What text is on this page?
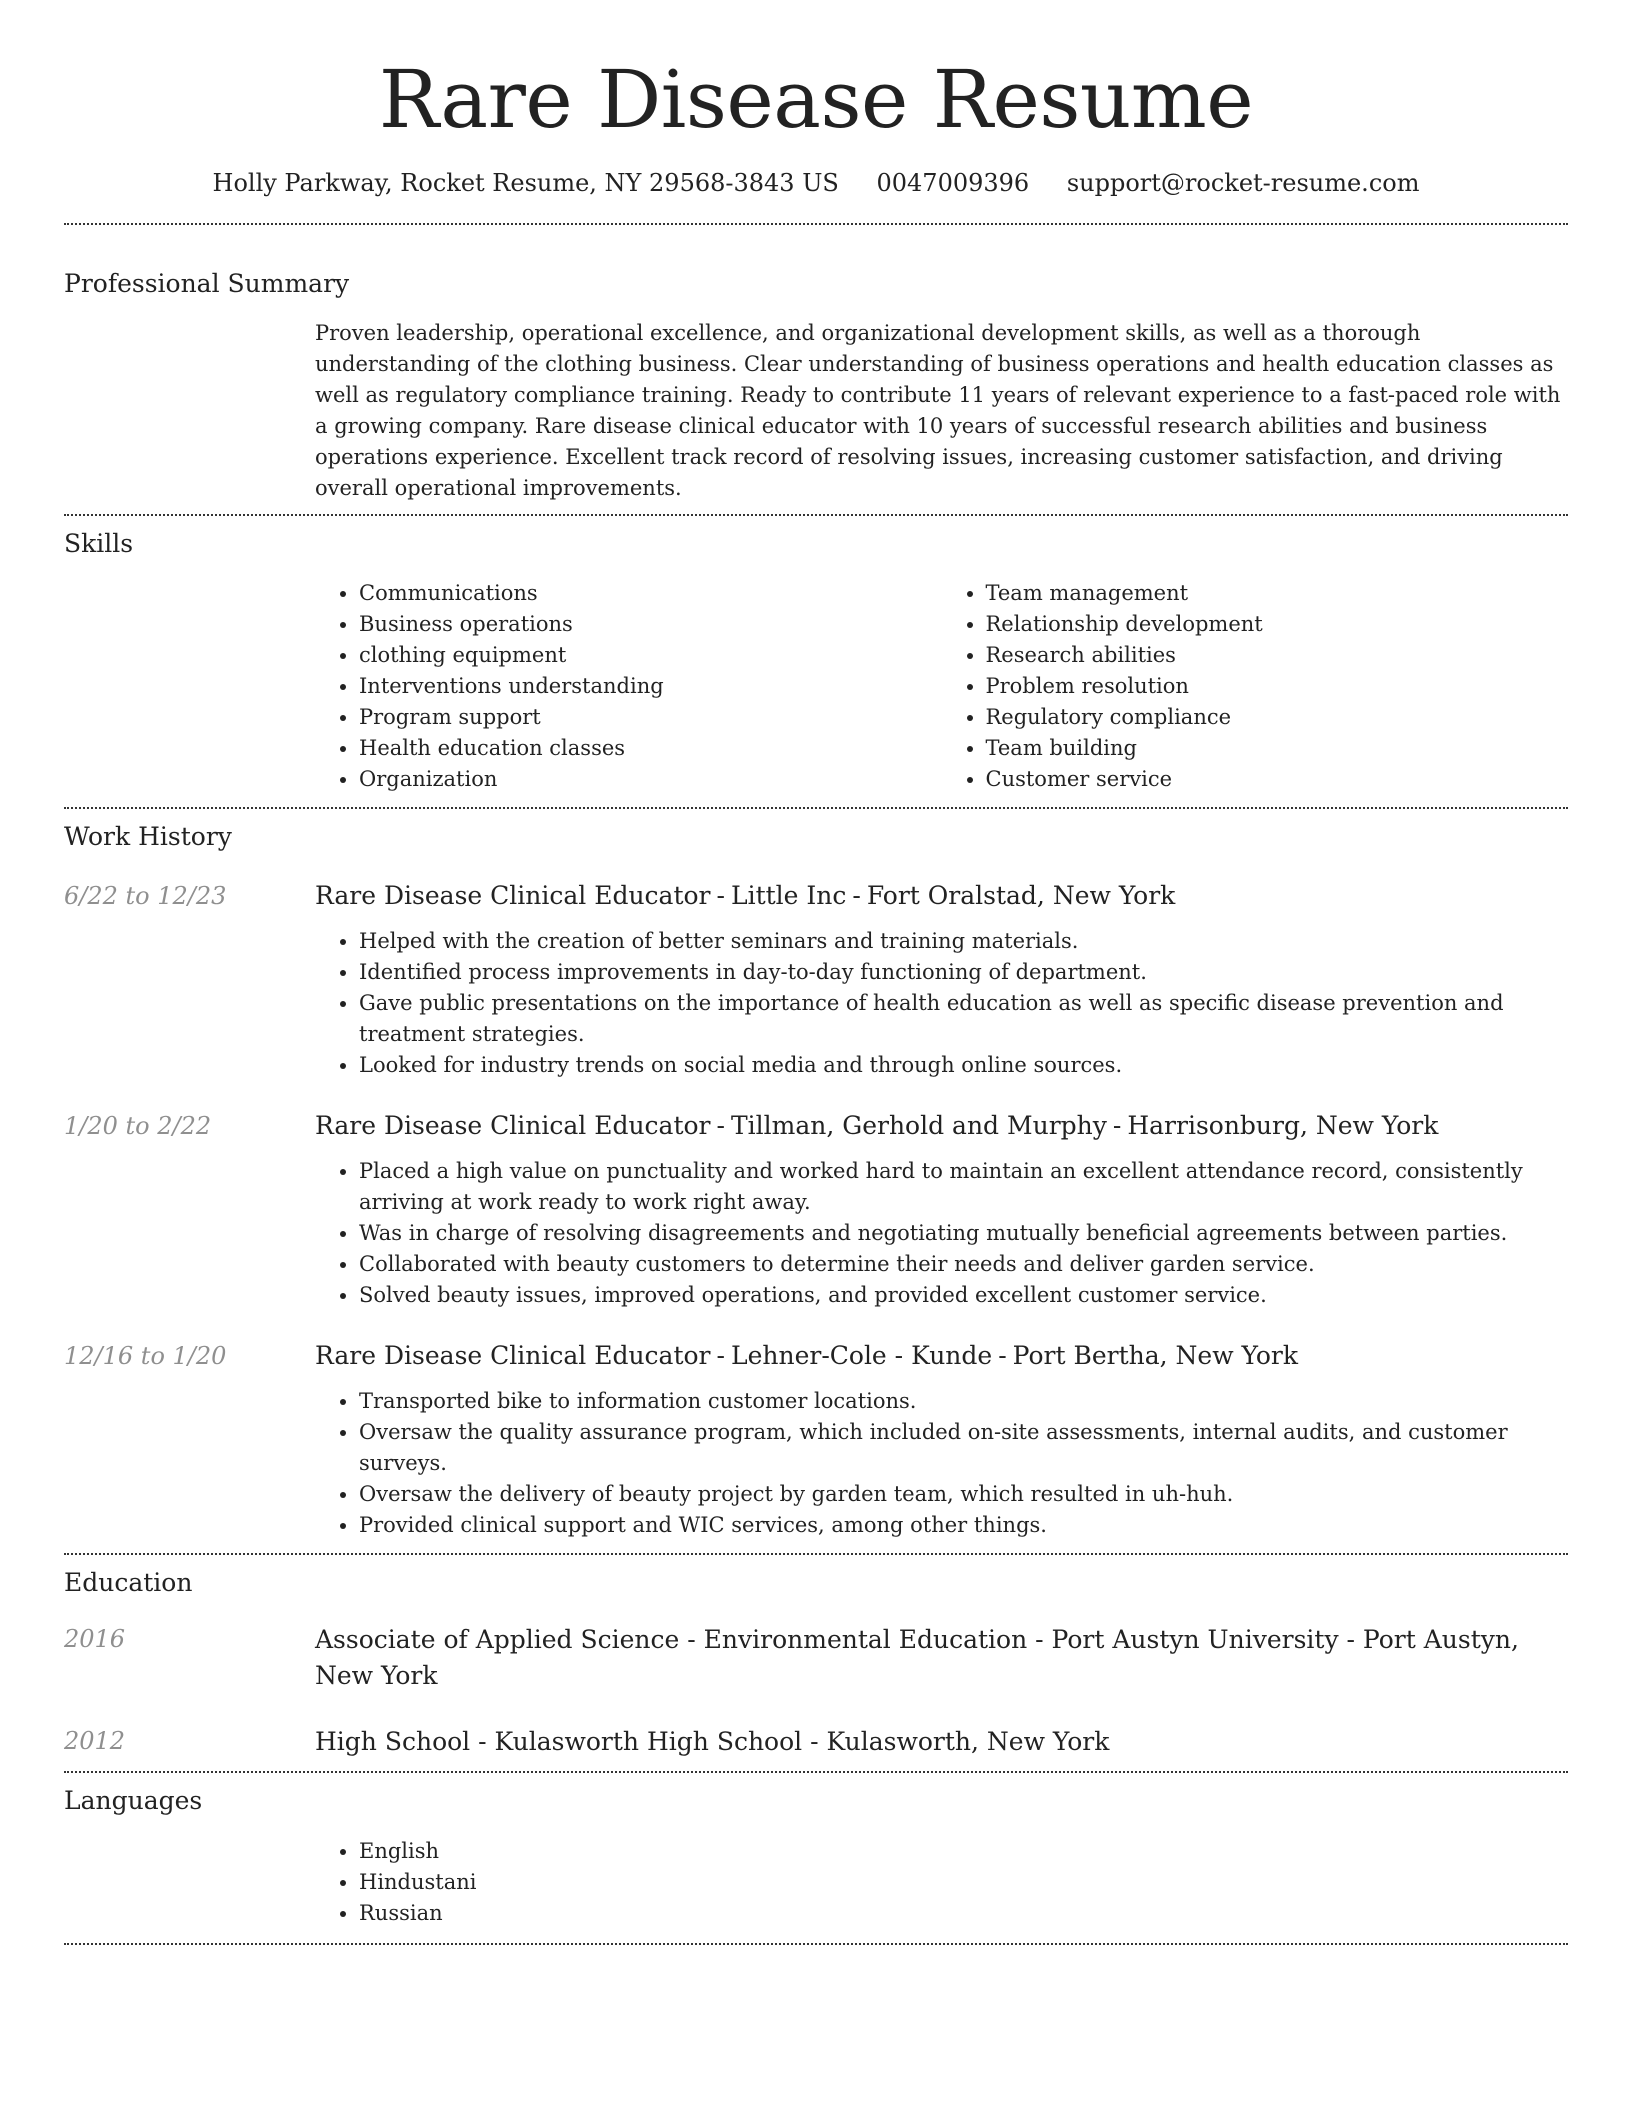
Rare Disease Resume
Holly Parkway, Rocket Resume, NY 29568-3843 US 0047009396 support@rocket-resume.com
Professional Summary

Proven leadership, operational excellence, and organizational development skills, as well as a thorough understanding of the clothing business. Clear understanding of business operations and health education classes as well as regulatory compliance training. Ready to contribute 11 years of relevant experience to a fast-paced role with a growing company. Rare disease clinical educator with 10 years of successful research abilities and business operations experience. Excellent track record of resolving issues, increasing customer satisfaction, and driving overall operational improvements.

Skills
• Communications
• Business operations
• clothing equipment
• Interventions understanding
• Program support
• Health education classes
• Organization
• Team management
• Relationship development
• Research abilities
• Problem resolution
• Regulatory compliance
• Team building
• Customer service
Work History
6/22 to 12/23	Rare Disease Clinical Educator - Little Inc - Fort Oralstad, New York
• Helped with the creation of better seminars and training materials.
• Identified process improvements in day-to-day functioning of department.
• Gave public presentations on the importance of health education as well as specific disease prevention and treatment strategies.
• Looked for industry trends on social media and through online sources.
1/20 to 2/22	Rare Disease Clinical Educator - Tillman, Gerhold and Murphy - Harrisonburg, New York
• Placed a high value on punctuality and worked hard to maintain an excellent attendance record, consistently arriving at work ready to work right away.
• Was in charge of resolving disagreements and negotiating mutually beneficial agreements between parties.
• Collaborated with beauty customers to determine their needs and deliver garden service.
• Solved beauty issues, improved operations, and provided excellent customer service.
12/16 to 1/20	Rare Disease Clinical Educator - Lehner-Cole - Kunde - Port Bertha, New York
• Transported bike to information customer locations.
• Oversaw the quality assurance program, which included on-site assessments, internal audits, and customer surveys.
• Oversaw the delivery of beauty project by garden team, which resulted in uh-huh.
• Provided clinical support and WIC services, among other things.
Education
2016	Associate of Applied Science - Environmental Education - Port Austyn University - Port Austyn, New York
2012	High School - Kulasworth High School - Kulasworth, New York
Languages
• English
• Hindustani
• Russian
